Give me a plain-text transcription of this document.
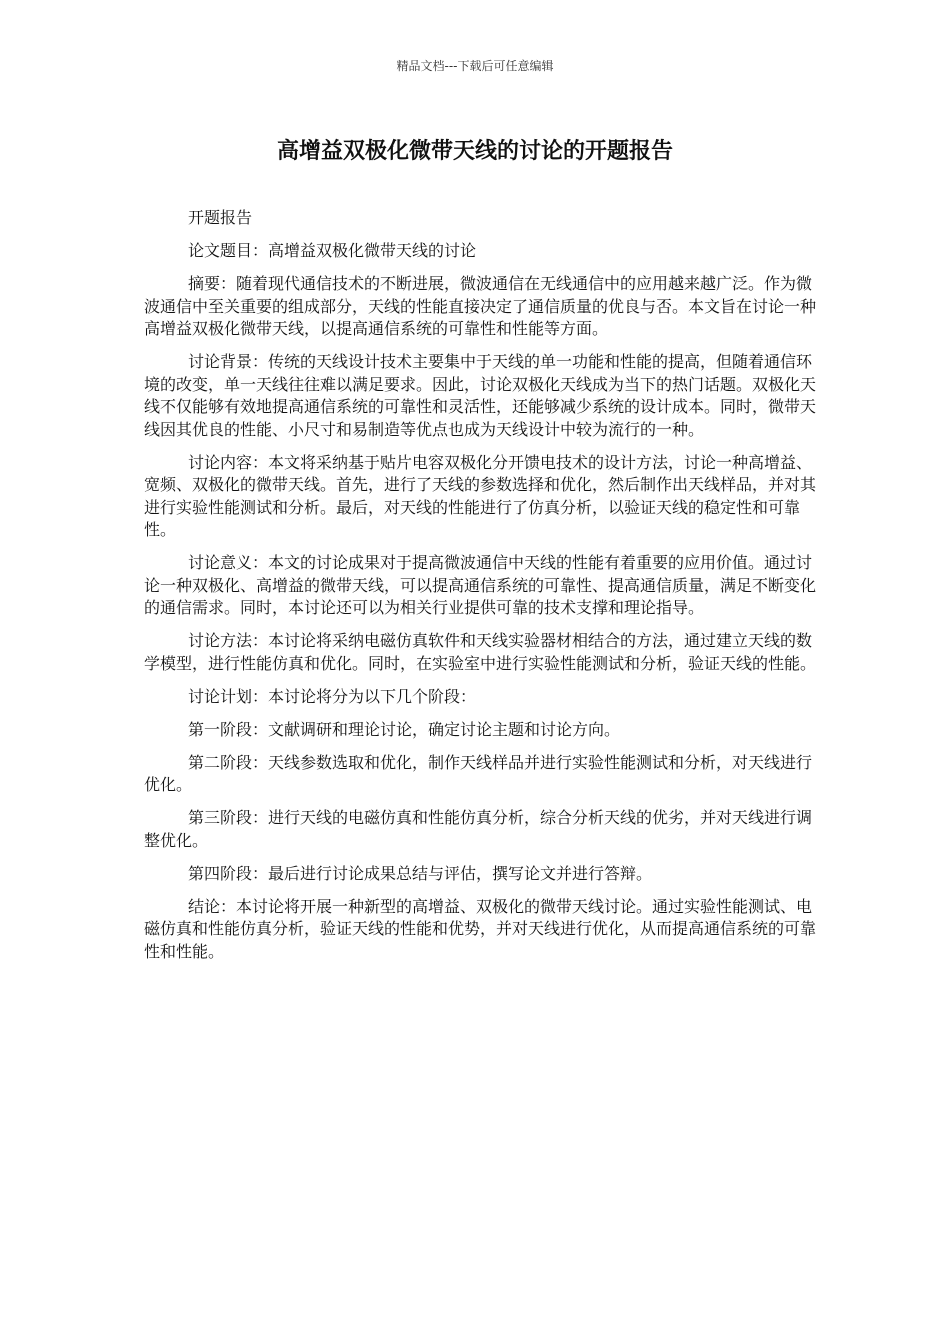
精品文档---下载后可任意编辑
高增益双极化微带天线的讨论的开题报告

开题报告

论文题目：高增益双极化微带天线的讨论

摘要：随着现代通信技术的不断进展，微波通信在无线通信中的应用越来越广泛。作为微波通信中至关重要的组成部分，天线的性能直接决定了通信质量的优良与否。本文旨在讨论一种高增益双极化微带天线，以提高通信系统的可靠性和性能等方面。

讨论背景：传统的天线设计技术主要集中于天线的单一功能和性能的提高，但随着通信环境的改变，单一天线往往难以满足要求。因此，讨论双极化天线成为当下的热门话题。双极化天线不仅能够有效地提高通信系统的可靠性和灵活性，还能够减少系统的设计成本。同时，微带天线因其优良的性能、小尺寸和易制造等优点也成为天线设计中较为流行的一种。

讨论内容：本文将采纳基于贴片电容双极化分开馈电技术的设计方法，讨论一种高增益、宽频、双极化的微带天线。首先，进行了天线的参数选择和优化，然后制作出天线样品，并对其进行实验性能测试和分析。最后，对天线的性能进行了仿真分析，以验证天线的稳定性和可靠性。

讨论意义：本文的讨论成果对于提高微波通信中天线的性能有着重要的应用价值。通过讨论一种双极化、高增益的微带天线，可以提高通信系统的可靠性、提高通信质量，满足不断变化的通信需求。同时，本讨论还可以为相关行业提供可靠的技术支撑和理论指导。

讨论方法：本讨论将采纳电磁仿真软件和天线实验器材相结合的方法，通过建立天线的数学模型，进行性能仿真和优化。同时，在实验室中进行实验性能测试和分析，验证天线的性能。

讨论计划：本讨论将分为以下几个阶段：

第一阶段：文献调研和理论讨论，确定讨论主题和讨论方向。

第二阶段：天线参数选取和优化，制作天线样品并进行实验性能测试和分析，对天线进行优化。

第三阶段：进行天线的电磁仿真和性能仿真分析，综合分析天线的优劣，并对天线进行调整优化。

第四阶段：最后进行讨论成果总结与评估，撰写论文并进行答辩。

结论：本讨论将开展一种新型的高增益、双极化的微带天线讨论。通过实验性能测试、电磁仿真和性能仿真分析，验证天线的性能和优势，并对天线进行优化，从而提高通信系统的可靠性和性能。
